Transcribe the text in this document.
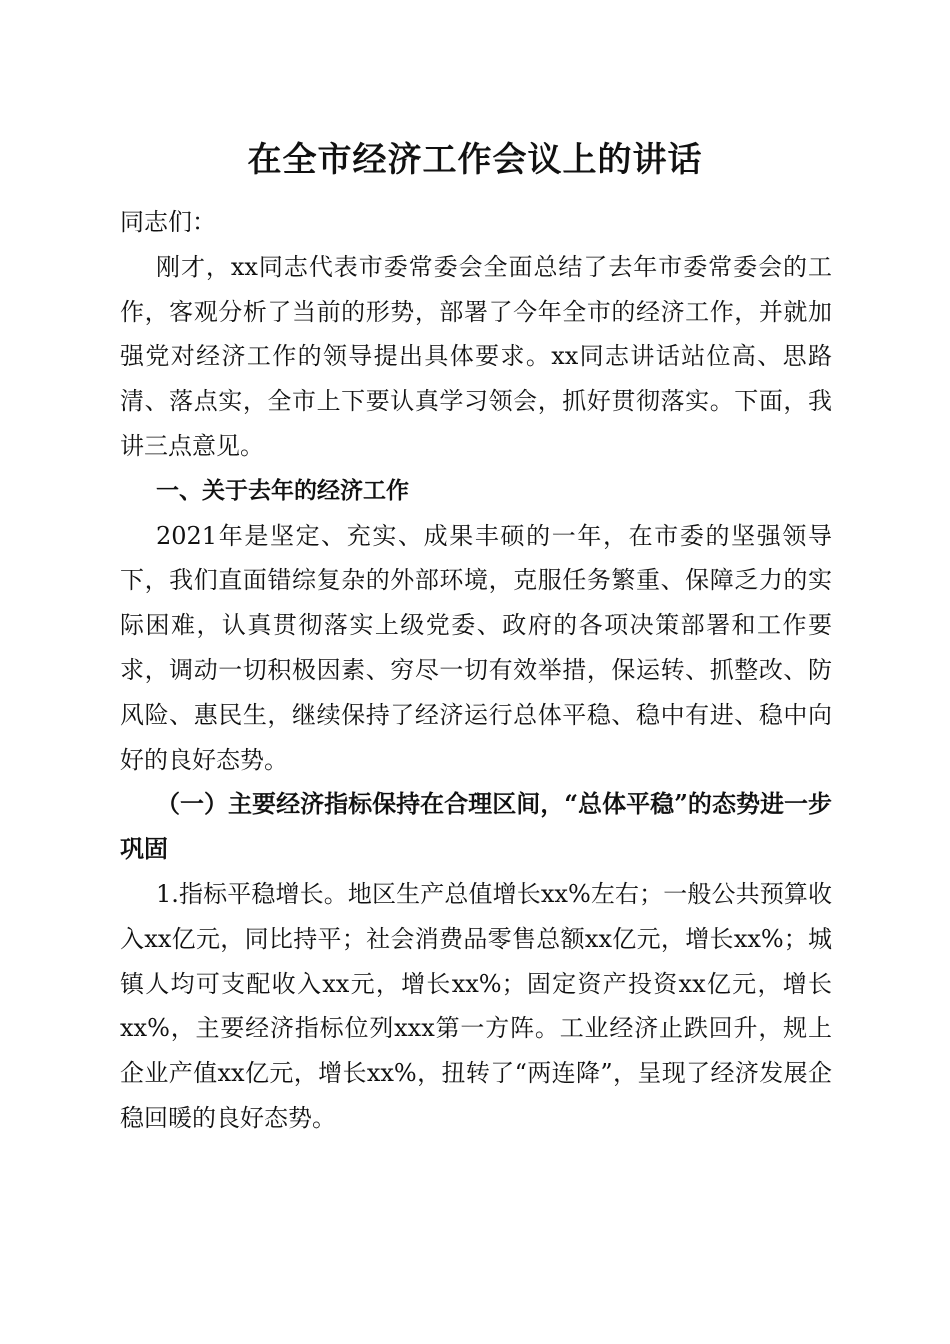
在全市经济工作会议上的讲话

同志们：

刚才，xx同志代表市委常委会全面总结了去年市委常委会的工作，客观分析了当前的形势，部署了今年全市的经济工作，并就加强党对经济工作的领导提出具体要求。xx同志讲话站位高、思路清、落点实，全市上下要认真学习领会，抓好贯彻落实。下面，我讲三点意见。

一、关于去年的经济工作

2021年是坚定、充实、成果丰硕的一年，在市委的坚强领导下，我们直面错综复杂的外部环境，克服任务繁重、保障乏力的实际困难，认真贯彻落实上级党委、政府的各项决策部署和工作要求，调动一切积极因素、穷尽一切有效举措，保运转、抓整改、防风险、惠民生，继续保持了经济运行总体平稳、稳中有进、稳中向好的良好态势。

（一）主要经济指标保持在合理区间，“总体平稳”的态势进一步巩固

1.指标平稳增长。地区生产总值增长xx%左右；一般公共预算收入xx亿元，同比持平；社会消费品零售总额xx亿元，增长xx%；城镇人均可支配收入xx元，增长xx%；固定资产投资xx亿元，增长xx%，主要经济指标位列xxx第一方阵。工业经济止跌回升，规上企业产值xx亿元，增长xx%，扭转了“两连降”，呈现了经济发展企稳回暖的良好态势。
